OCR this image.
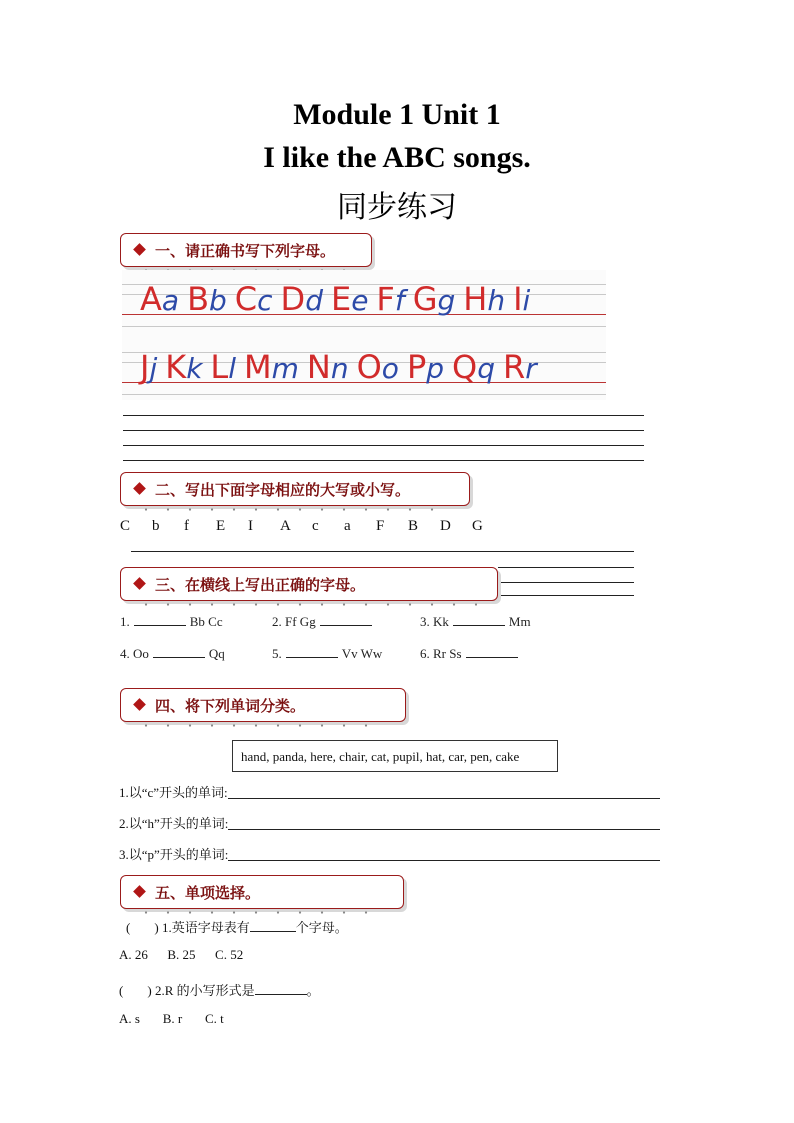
Module 1 Unit 1
I like the ABC songs.
同步练习
一、请正确书写下列字母。
Aa Bb Cc Dd Ee Ff Gg Hh Ii
Jj Kk Ll Mm Nn Oo Pp Qq Rr
二、写出下面字母相应的大写或小写。
C	b	f	E	I	A	c	a	F	B	D	G
三、在横线上写出正确的字母。
1.	Bb Cc	2. Ff Gg	3. Kk	Mm
4. Oo	Qq	5.	Vv Ww	6. Rr Ss
四、将下列单词分类。
hand, panda, here, chair, cat, pupil, hat, car, pen, cake
1.以“c”开头的单词:
2.以“h”开头的单词:
3.以“p”开头的单词:
五、单项选择。
( ) 1.英语字母表有	个字母。
A. 26      B. 25      C. 52
( ) 2.R 的小写形式是	。
A. s       B. r       C. t
